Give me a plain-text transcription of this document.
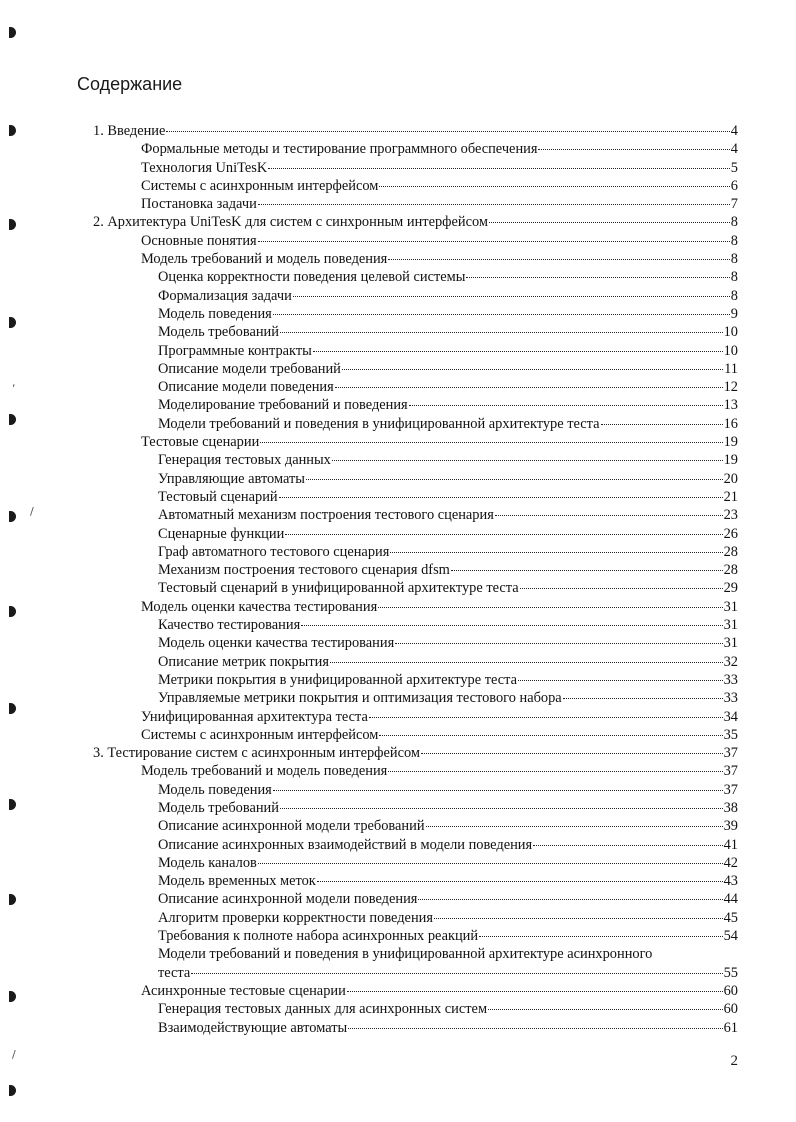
Содержание
1. Введение	4
Формальные методы и тестирование программного обеспечения	4
Технология UniTesK	5
Системы с асинхронным интерфейсом	6
Постановка задачи	7
2. Архитектура UniTesK для систем с синхронным интерфейсом	8
Основные понятия	8
Модель требований и модель поведения	8
Оценка корректности поведения целевой системы	8
Формализация задачи	8
Модель поведения	9
Модель требований	10
Программные контракты	10
Описание модели требований	11
Описание модели поведения	12
Моделирование требований и поведения	13
Модели требований и поведения в унифицированной архитектуре теста	16
Тестовые сценарии	19
Генерация тестовых данных	19
Управляющие автоматы	20
Тестовый сценарий	21
Автоматный механизм построения тестового сценария	23
Сценарные функции	26
Граф автоматного тестового сценария	28
Механизм построения тестового сценария dfsm	28
Тестовый сценарий в унифицированной архитектуре теста	29
Модель оценки качества тестирования	31
Качество тестирования	31
Модель оценки качества тестирования	31
Описание метрик покрытия	32
Метрики покрытия в унифицированной архитектуре теста	33
Управляемые метрики покрытия и оптимизация тестового набора	33
Унифицированная архитектура теста	34
Системы с асинхронным интерфейсом	35
3. Тестирование систем с асинхронным интерфейсом	37
Модель требований и модель поведения	37
Модель поведения	37
Модель требований	38
Описание асинхронной модели требований	39
Описание асинхронных взаимодействий в модели поведения	41
Модель каналов	42
Модель временных меток	43
Описание асинхронной модели поведения	44
Алгоритм проверки корректности поведения	45
Требования к полноте набора асинхронных реакций	54
Модели требований и поведения в унифицированной архитектуре асинхронного
теста	55
Асинхронные тестовые сценарии	60
Генерация тестовых данных для асинхронных систем	60
Взаимодействующие автоматы	61
2
/
/
,
